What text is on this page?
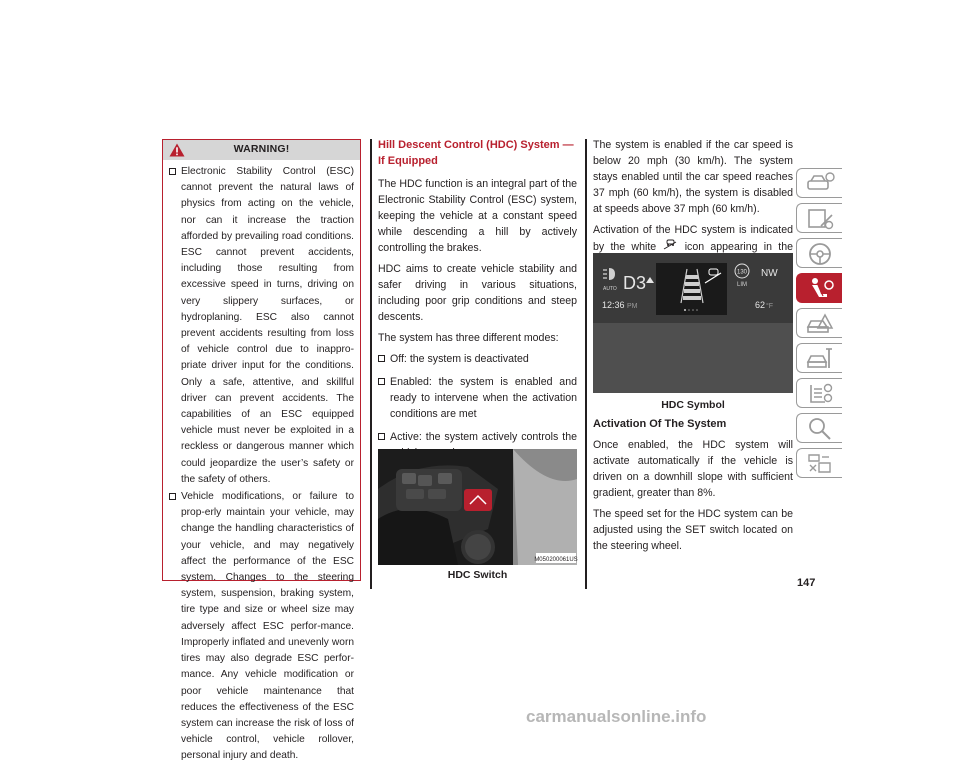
WARNING!
Electronic Stability Control (ESC) cannot prevent the natural laws of physics from acting on the vehicle, nor can it increase the traction afforded by prevailing road conditions. ESC cannot prevent accidents, including those resulting from excessive speed in turns, driving on very slippery surfaces, or hydroplaning. ESC also cannot prevent accidents resulting from loss of vehicle control due to inappro-priate driver input for the conditions. Only a safe, attentive, and skillful driver can prevent accidents. The capabilities of an ESC equipped vehicle must never be exploited in a reckless or dangerous manner which could jeopardize the user’s safety or the safety of others.
Vehicle modifications, or failure to prop-erly maintain your vehicle, may change the handling characteristics of your vehicle, and may negatively affect the performance of the ESC system. Changes to the steering system, suspension, braking system, tire type and size or wheel size may adversely affect ESC perfor-mance. Improperly inflated and unevenly worn tires may also degrade ESC perfor-mance. Any vehicle modification or poor vehicle maintenance that reduces the effectiveness of the ESC system can increase the risk of loss of vehicle control, vehicle rollover, personal injury and death.
Hill Descent Control (HDC) System — If Equipped

The HDC function is an integral part of the Electronic Stability Control (ESC) system, keeping the vehicle at a constant speed while descending a hill by actively controlling the brakes.

HDC aims to create vehicle stability and safer driving in various situations, including poor grip conditions and steep descents.

The system has three different modes:

Off: the system is deactivated
Enabled: the system is enabled and ready to intervene when the activation conditions are met
Active: the system actively controls the

M050200061US
HDC Switch

The system is enabled if the car speed is below 20 mph (30 km/h). The system stays enabled until the car speed reaches 37 mph (60 km/h), the system is disabled at speeds above 37 mph (60 km/h).

Activation of the HDC system is indicated by the white	icon appearing in the

AUTO D3
12:36 PM
130
LIM
NW
62 °F
HDC Symbol
Activation Of The System

Once enabled, the HDC system will activate automatically if the vehicle is driven on a downhill slope with sufficient gradient, greater than 8%.

The speed set for the HDC system can be adjusted using the SET switch located on the steering wheel.

147
carmanualsonline.info
